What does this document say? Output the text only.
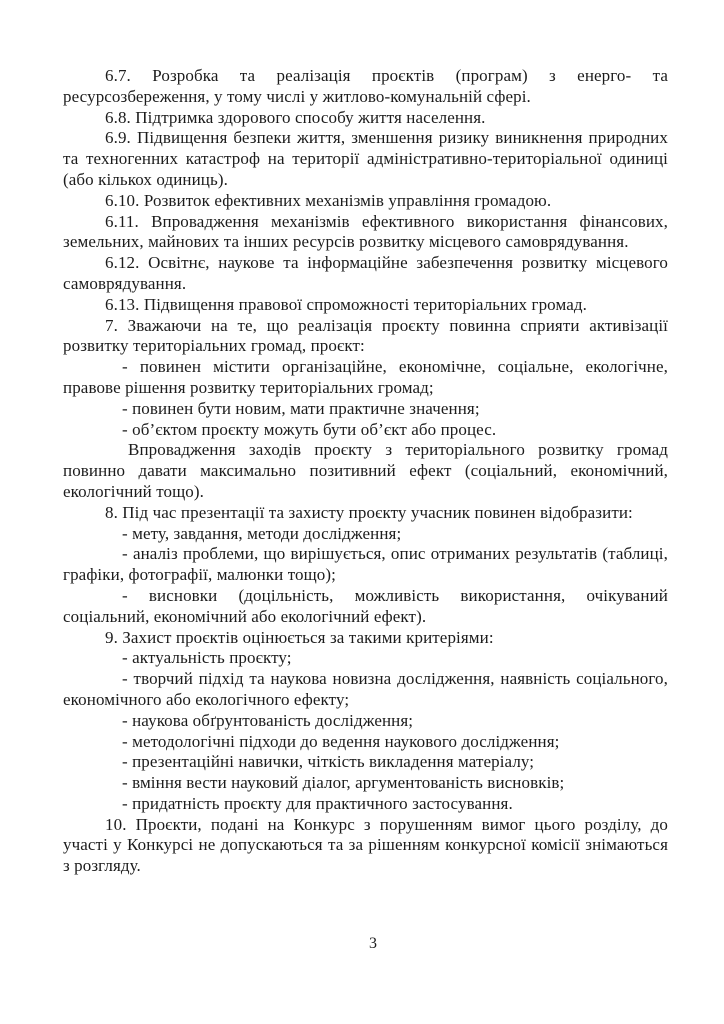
6.7. Розробка та реалізація проєктів (програм) з енерго- та ресурсозбереження, у тому числі у житлово-комунальній сфері.

6.8. Підтримка здорового способу життя населення.

6.9. Підвищення безпеки життя, зменшення ризику виникнення природних та техногенних катастроф на території адміністративно-територіальної одиниці (або кількох одиниць).

6.10. Розвиток ефективних механізмів управління громадою.

6.11. Впровадження механізмів ефективного використання фінансових, земельних, майнових та інших ресурсів розвитку місцевого самоврядування.

6.12. Освітнє, наукове та інформаційне забезпечення розвитку місцевого самоврядування.

6.13. Підвищення правової спроможності територіальних громад.

7. Зважаючи на те, що реалізація проєкту повинна сприяти активізації розвитку територіальних громад, проєкт:

- повинен містити організаційне, економічне, соціальне, екологічне, правове рішення розвитку територіальних громад;

- повинен бути новим, мати практичне значення;

- об’єктом проєкту можуть бути об’єкт або процес.

Впровадження заходів проєкту з територіального розвитку громад повинно давати максимально позитивний ефект (соціальний, економічний, екологічний тощо).

8. Під час презентації та захисту проєкту учасник повинен відобразити:

- мету, завдання, методи дослідження;

- аналіз проблеми, що вирішується, опис отриманих результатів (таблиці, графіки, фотографії, малюнки тощо);

- висновки (доцільність, можливість використання, очікуваний соціальний, економічний або екологічний ефект).

9. Захист проєктів оцінюється за такими критеріями:

- актуальність проєкту;

- творчий підхід та наукова новизна дослідження, наявність соціального, економічного або екологічного ефекту;

- наукова обґрунтованість дослідження;

- методологічні підходи до ведення наукового дослідження;

- презентаційні навички, чіткість викладення матеріалу;

- вміння вести науковий діалог, аргументованість висновків;

- придатність проєкту для практичного застосування.

10. Проєкти, подані на Конкурс з порушенням вимог цього розділу, до участі у Конкурсі не допускаються та за рішенням конкурсної комісії знімаються з розгляду.

3
